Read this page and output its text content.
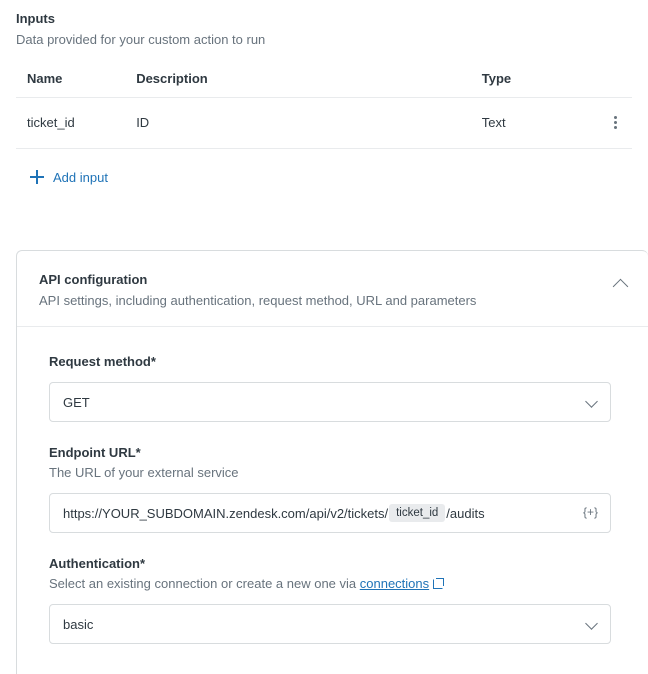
Inputs
Data provided for your custom action to run
Name	Description	Type	
ticket_id	ID	Text	
Add input
API configuration

API settings, including authentication, request method, URL and parameters

Request method*
GET
Endpoint URL*
The URL of your external service
https://YOUR_SUBDOMAIN.zendesk.com/api/v2/tickets/ ticket_id /audits	{+}
Authentication*
Select an existing connection or create a new one via connections
basic
